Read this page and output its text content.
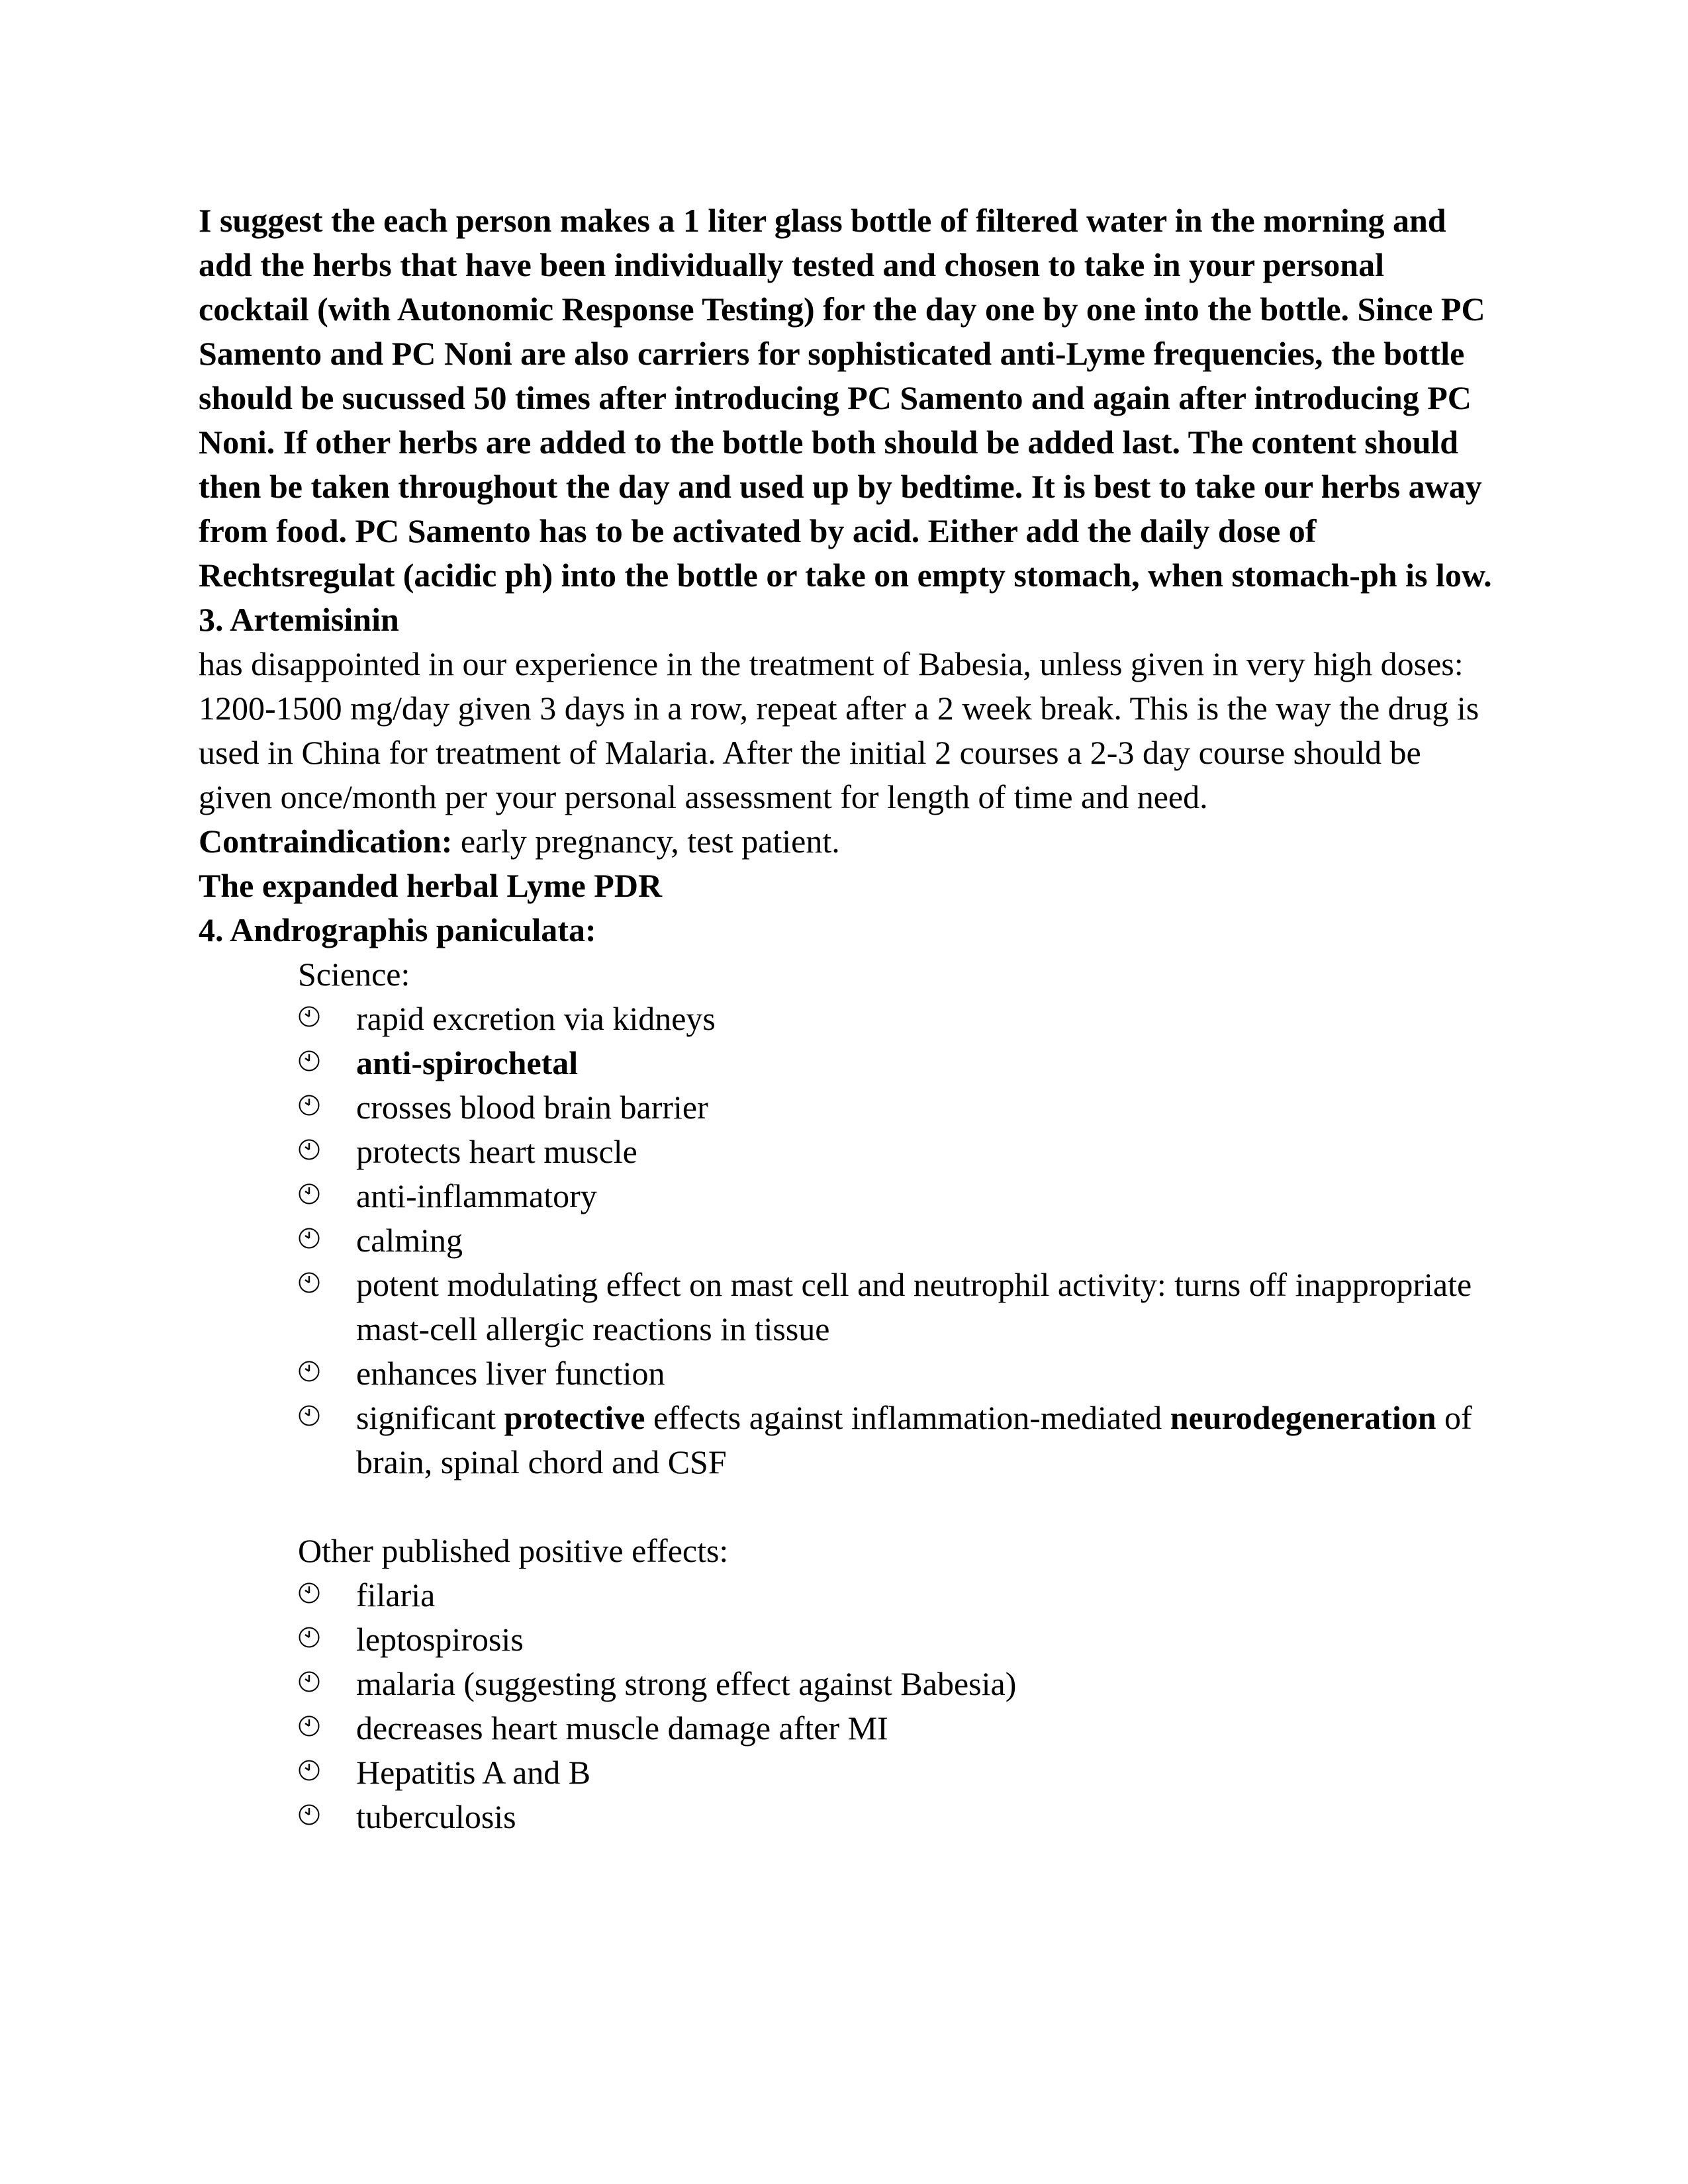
I suggest the each person makes a 1 liter glass bottle of filtered water in the morning and add the herbs that have been individually tested and chosen to take in your personal cocktail (with Autonomic Response Testing) for the day one by one into the bottle. Since PC Samento and PC Noni are also carriers for sophisticated anti-Lyme frequencies, the bottle should be sucussed 50 times after introducing PC Samento and again after introducing PC Noni. If other herbs are added to the bottle both should be added last. The content should then be taken throughout the day and used up by bedtime. It is best to take our herbs away from food. PC Samento has to be activated by acid. Either add the daily dose of Rechtsregulat (acidic ph) into the bottle or take on empty stomach, when stomach-ph is low.

3. Artemisinin

has disappointed in our experience in the treatment of Babesia, unless given in very high doses: 1200-1500 mg/day given 3 days in a row, repeat after a 2 week break. This is the way the drug is used in China for treatment of Malaria. After the initial 2 courses a 2-3 day course should be given once/month per your personal assessment for length of time and need.

Contraindication: early pregnancy, test patient.

The expanded herbal Lyme PDR

4. Andrographis paniculata:

Science:
rapid excretion via kidneys
anti-spirochetal
crosses blood brain barrier
protects heart muscle
anti-inflammatory
calming
potent modulating effect on mast cell and neutrophil activity: turns off inappropriate mast-cell allergic reactions in tissue
enhances liver function
significant protective effects against inflammation-mediated neurodegeneration of brain, spinal chord and CSF
Other published positive effects:
filaria
leptospirosis
malaria (suggesting strong effect against Babesia)
decreases heart muscle damage after MI
Hepatitis A and B
tuberculosis
